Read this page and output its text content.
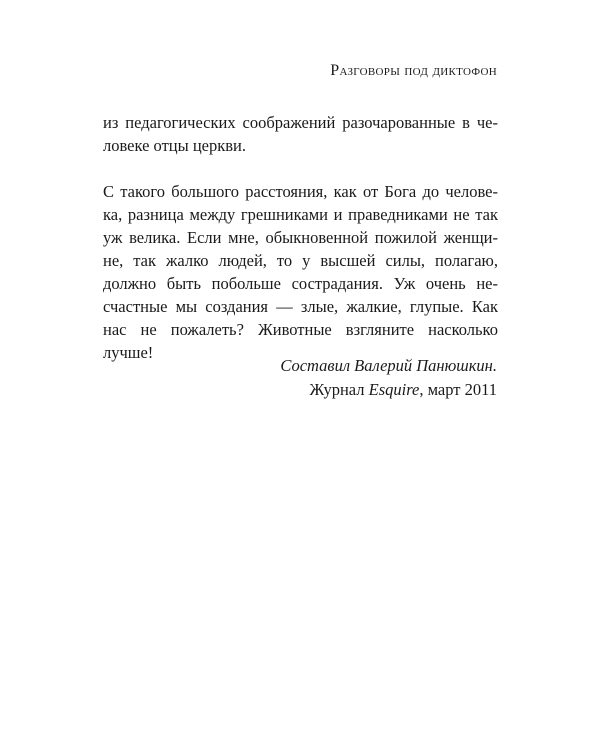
Разговоры под диктофон
из педагогических соображений разочарованные в че-
ловеке отцы церкви.
С такого большого расстояния, как от Бога до челове-
ка, разница между грешниками и праведниками не так
уж велика. Если мне, обыкновенной пожилой женщи-
не, так жалко людей, то у высшей силы, полагаю,
должно быть побольше сострадания. Уж очень не-
счастные мы создания — злые, жалкие, глупые. Как
нас не пожалеть? Животные взгляните насколько
лучше!
Составил Валерий Панюшкин.
Журнал Esquire, март 2011
